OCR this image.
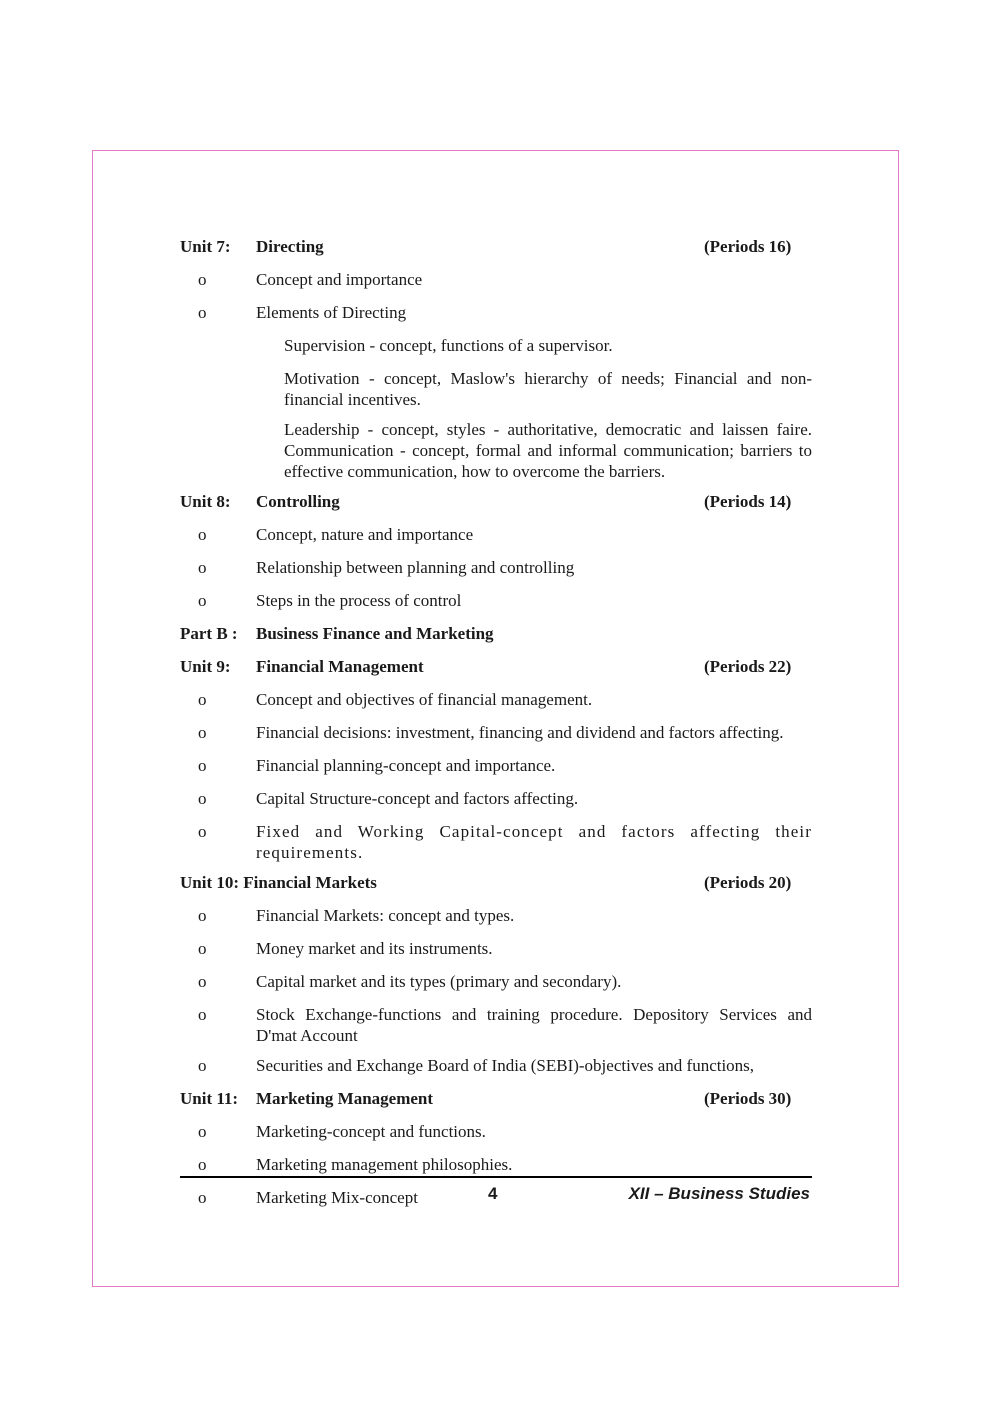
Unit 7: Directing	(Periods 16)
o	Concept and importance
o	Elements of Directing
Supervision - concept, functions of a supervisor.
Motivation - concept, Maslow's hierarchy of needs; Financial and non-financial incentives.
Leadership - concept, styles - authoritative, democratic and laissen faire. Communication - concept, formal and informal communication; barriers to effective communication, how to overcome the barriers.
Unit 8: Controlling	(Periods 14)
o	Concept, nature and importance
o	Relationship between planning and controlling
o	Steps in the process of control
Part B : Business Finance and Marketing
Unit 9: Financial Management	(Periods 22)
o	Concept and objectives of financial management.
o	Financial decisions: investment, financing and dividend and factors affecting.
o	Financial planning-concept and importance.
o	Capital Structure-concept and factors affecting.
o	Fixed and Working Capital-concept and factors affecting their requirements.
Unit 10: Financial Markets	(Periods 20)
o	Financial Markets: concept and types.
o	Money market and its instruments.
o	Capital market and its types (primary and secondary).
o	Stock Exchange-functions and training procedure. Depository Services and D'mat Account
o	Securities and Exchange Board of India (SEBI)-objectives and functions,
Unit 11: Marketing Management	(Periods 30)
o	Marketing-concept and functions.
o	Marketing management philosophies.
o	Marketing Mix-concept	4	XII – Business Studies
